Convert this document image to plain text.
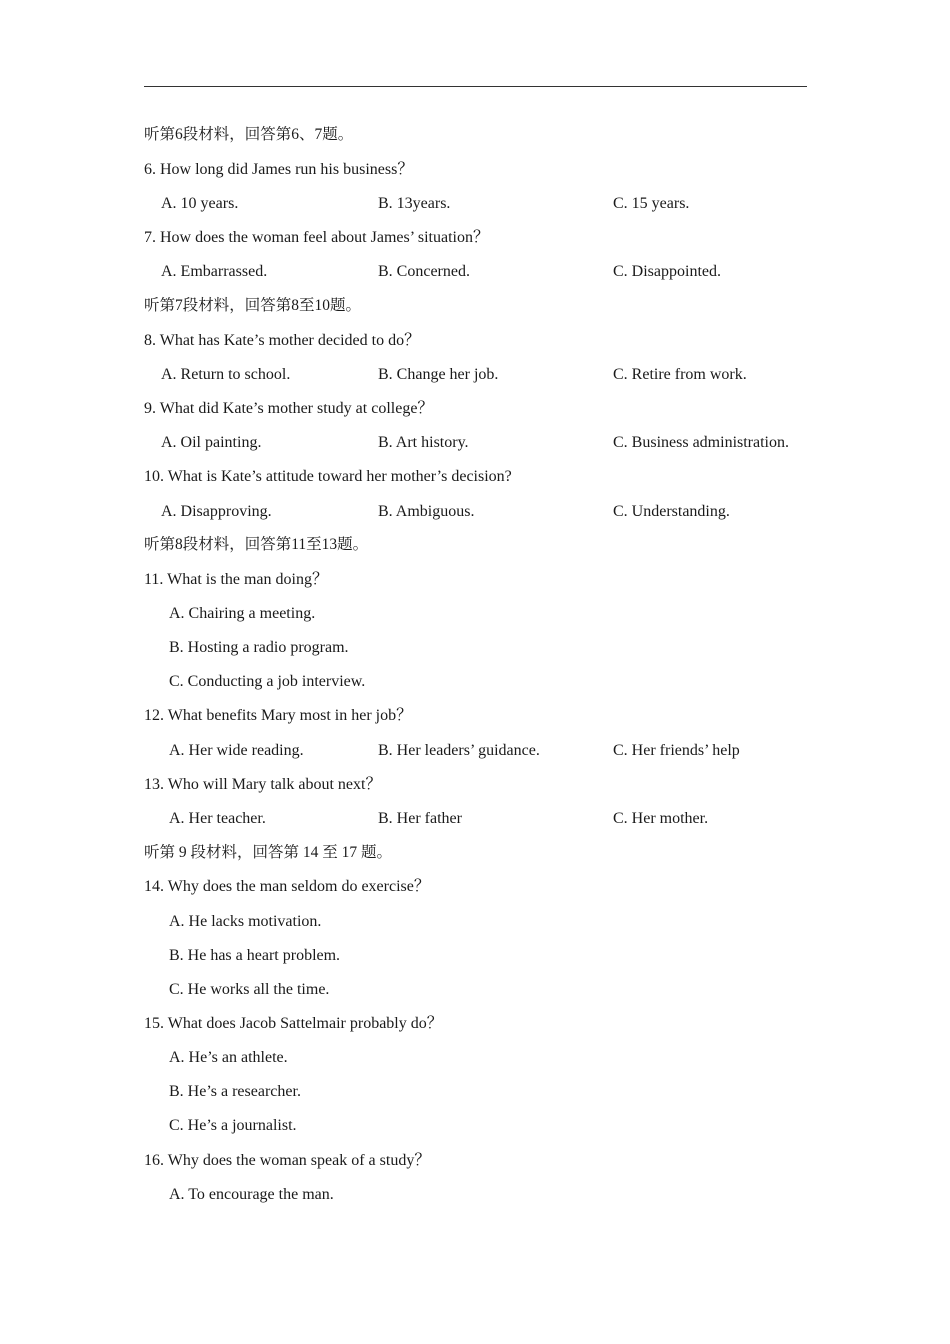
听第6段材料，回答第6、7题。
6. How long did James run his business？
A. 10 years.	B. 13years.	C. 15 years.
7. How does the woman feel about James’ situation？
A. Embarrassed.	B. Concerned.	C. Disappointed.
听第7段材料，回答第8至10题。
8. What has Kate’s mother decided to do？
A. Return to school.	B. Change her job.	C. Retire from work.
9. What did Kate’s mother study at college？
A. Oil painting.	B. Art history.	C. Business administration.
10. What is Kate’s attitude toward her mother’s decision?
A. Disapproving.	B. Ambiguous.	C. Understanding.
听第8段材料，回答第11至13题。
11. What is the man doing？
A. Chairing a meeting.
B. Hosting a radio program.
C. Conducting a job interview.
12. What benefits Mary most in her job？
A. Her wide reading.	B. Her leaders’ guidance.	C. Her friends’ help
13. Who will Mary talk about next？
A. Her teacher.	B. Her father	C. Her mother.
听第 9 段材料，回答第 14 至 17 题。
14. Why does the man seldom do exercise？
A. He lacks motivation.
B. He has a heart problem.
C. He works all the time.
15. What does Jacob Sattelmair probably do？
A. He’s an athlete.
B. He’s a researcher.
C. He’s a journalist.
16. Why does the woman speak of a study？
A. To encourage the man.
